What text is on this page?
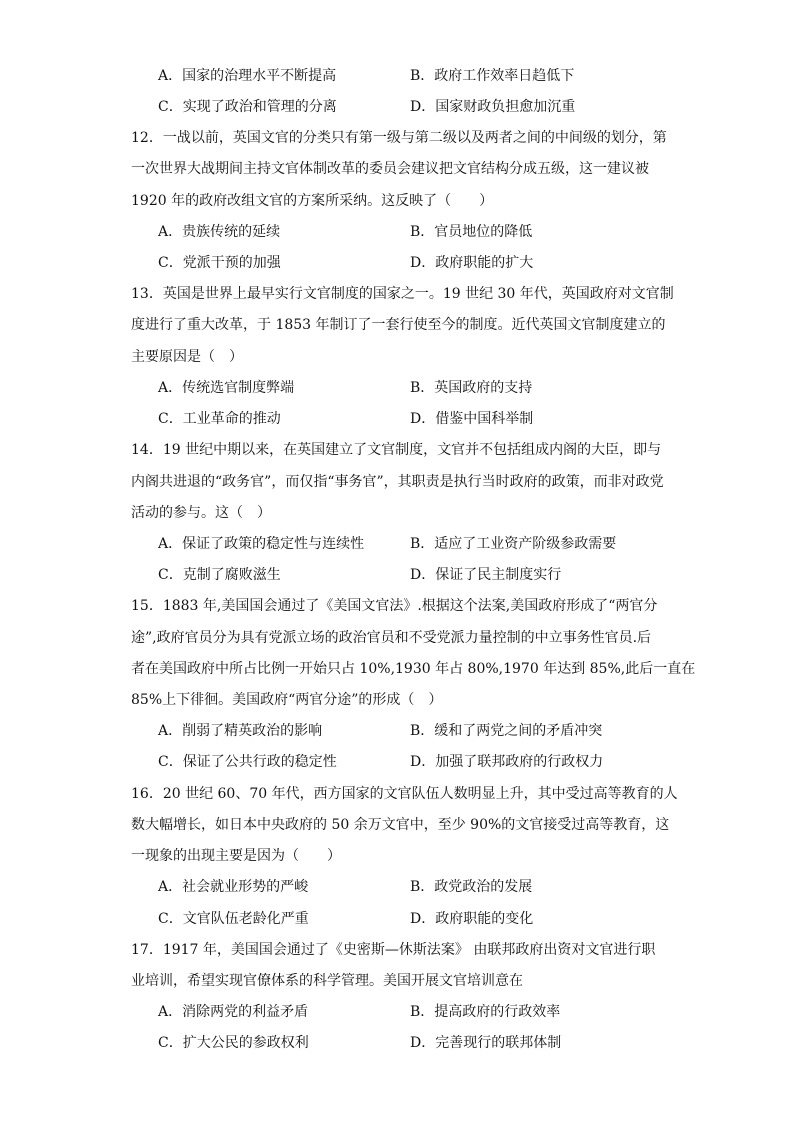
A．国家的治理水平不断提高	B．政府工作效率日趋低下
C．实现了政治和管理的分离	D．国家财政负担愈加沉重
12．一战以前，英国文官的分类只有第一级与第二级以及两者之间的中间级的划分，第
一次世界大战期间主持文官体制改革的委员会建议把文官结构分成五级，这一建议被
1920 年的政府改组文官的方案所采纳。这反映了（　　）
A．贵族传统的延续	B．官员地位的降低
C．党派干预的加强	D．政府职能的扩大
13．英国是世界上最早实行文官制度的国家之一。19 世纪 30 年代，英国政府对文官制
度进行了重大改革，于 1853 年制订了一套行使至今的制度。近代英国文官制度建立的
主要原因是（　）
A．传统选官制度弊端	B．英国政府的支持
C．工业革命的推动	D．借鉴中国科举制
14．19 世纪中期以来，在英国建立了文官制度，文官并不包括组成内阁的大臣，即与
内阁共进退的“政务官”，而仅指“事务官”，其职责是执行当时政府的政策，而非对政党
活动的参与。这（　）
A．保证了政策的稳定性与连续性	B．适应了工业资产阶级参政需要
C．克制了腐败滋生	D．保证了民主制度实行
15．1883 年,美国国会通过了《美国文官法》.根据这个法案,美国政府形成了“两官分
途”,政府官员分为具有党派立场的政治官员和不受党派力量控制的中立事务性官员.后
者在美国政府中所占比例一开始只占 10%,1930 年占 80%,1970 年达到 85%,此后一直在
85%上下徘徊。美国政府“两官分途”的形成（　）
A．削弱了精英政治的影响	B．缓和了两党之间的矛盾冲突
C．保证了公共行政的稳定性	D．加强了联邦政府的行政权力
16．20 世纪 60、70 年代，西方国家的文官队伍人数明显上升，其中受过高等教育的人
数大幅增长，如日本中央政府的 50 余万文官中，至少 90%的文官接受过高等教育，这
一现象的出现主要是因为（　　）
A．社会就业形势的严峻	B．政党政治的发展
C．文官队伍老龄化严重	D．政府职能的变化
17．1917 年，美国国会通过了《史密斯—休斯法案》 由联邦政府出资对文官进行职
业培训，希望实现官僚体系的科学管理。美国开展文官培训意在
A．消除两党的利益矛盾	B．提高政府的行政效率
C．扩大公民的参政权利	D．完善现行的联邦体制
